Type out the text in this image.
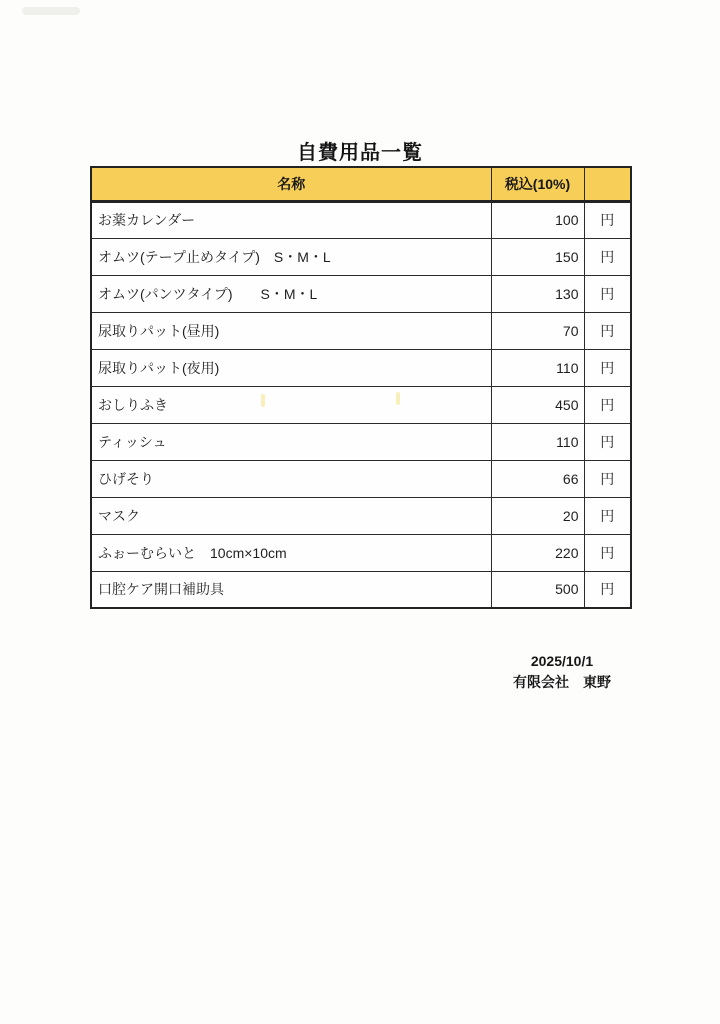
自費用品一覧
名称	税込(10%)	
お薬カレンダー	100	円
オムツ(テープ止めタイプ)　S・M・L	150	円
オムツ(パンツタイプ)　　S・M・L	130	円
尿取りパット(昼用)	70	円
尿取りパット(夜用)	110	円
おしりふき	450	円
ティッシュ	110	円
ひげそり	66	円
マスク	20	円
ふぉーむらいと　10cm×10cm	220	円
口腔ケア開口補助具	500	円
2025/10/1
有限会社　東野
